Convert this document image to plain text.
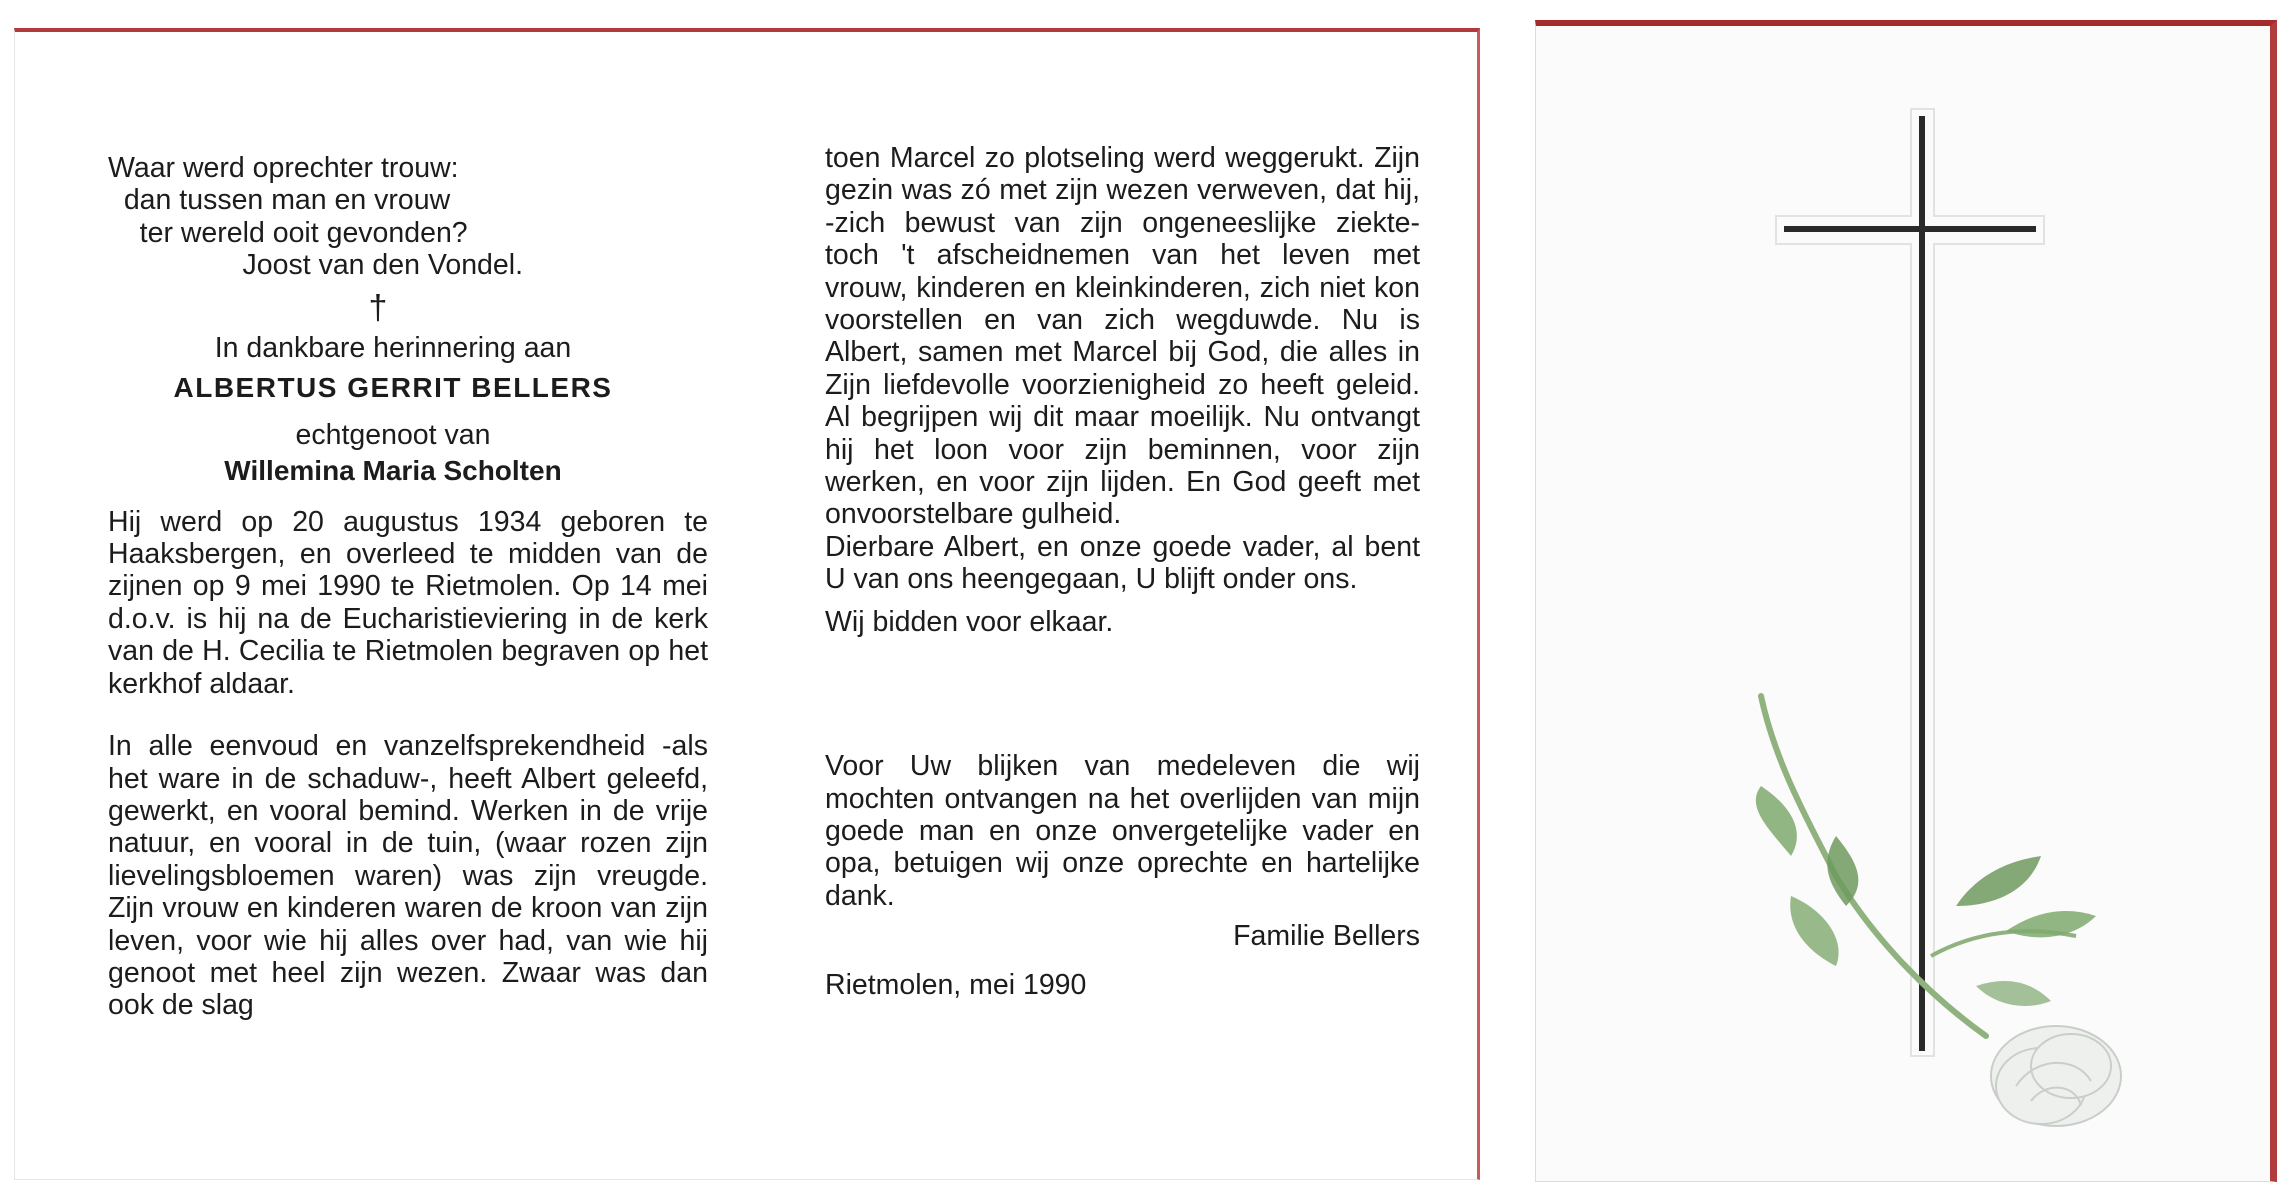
Waar werd oprechter trouw:
dan tussen man en vrouw
ter wereld ooit gevonden?
Joost van den Vondel.
†
In dankbare herinnering aan
ALBERTUS GERRIT BELLERS
echtgenoot van
Willemina Maria Scholten
Hij werd op 20 augustus 1934 geboren te Haaksbergen, en overleed te midden van de zijnen op 9 mei 1990 te Rietmolen. Op 14 mei d.o.v. is hij na de Eucharistieviering in de kerk van de H. Cecilia te Rietmolen begraven op het kerkhof aldaar.
In alle eenvoud en vanzelfsprekendheid -als het ware in de schaduw-, heeft Albert geleefd, gewerkt, en vooral bemind. Werken in de vrije natuur, en vooral in de tuin, (waar rozen zijn lievelingsbloemen waren) was zijn vreugde. Zijn vrouw en kinderen waren de kroon van zijn leven, voor wie hij alles over had, van wie hij genoot met heel zijn wezen. Zwaar was dan ook de slag
toen Marcel zo plotseling werd weggerukt. Zijn gezin was zó met zijn wezen verweven, dat hij, -zich bewust van zijn ongeneeslijke ziekte- toch 't afscheidnemen van het leven met vrouw, kinderen en kleinkinderen, zich niet kon voorstellen en van zich wegduwde. Nu is Albert, samen met Marcel bij God, die alles in Zijn liefdevolle voorzienigheid zo heeft geleid. Al begrijpen wij dit maar moeilijk. Nu ontvangt hij het loon voor zijn beminnen, voor zijn werken, en voor zijn lijden. En God geeft met onvoorstelbare gulheid.
Dierbare Albert, en onze goede vader, al bent U van ons heengegaan, U blijft onder ons.
Wij bidden voor elkaar.
Voor Uw blijken van medeleven die wij mochten ontvangen na het overlijden van mijn goede man en onze onvergetelijke vader en opa, betuigen wij onze oprechte en hartelijke dank.
Familie Bellers
Rietmolen, mei 1990
